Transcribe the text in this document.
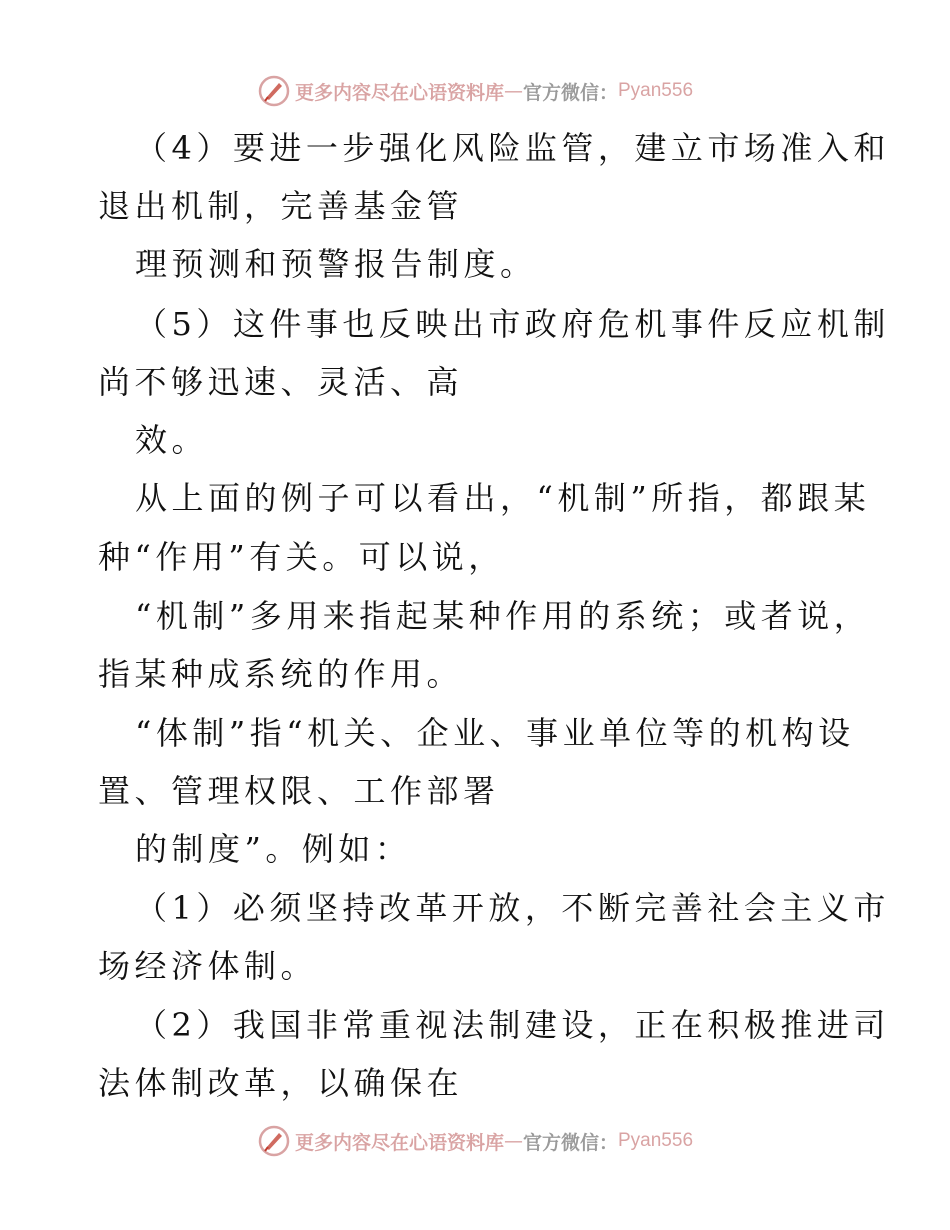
更多内容尽在心语资料库 — 官方微信： Pyan556
（4）要进一步强化风险监管，建立市场准入和
退出机制，完善基金管
理预测和预警报告制度。
（5）这件事也反映出市政府危机事件反应机制
尚不够迅速、灵活、高
效。
从上面的例子可以看出，“机制”所指，都跟某
种“作用”有关。可以说，
“机制”多用来指起某种作用的系统；或者说，
指某种成系统的作用。
“体制”指“机关、企业、事业单位等的机构设
置、管理权限、工作部署
的制度”。例如：
（1）必须坚持改革开放，不断完善社会主义市
场经济体制。
（2）我国非常重视法制建设，正在积极推进司
法体制改革，以确保在
更多内容尽在心语资料库 — 官方微信： Pyan556
